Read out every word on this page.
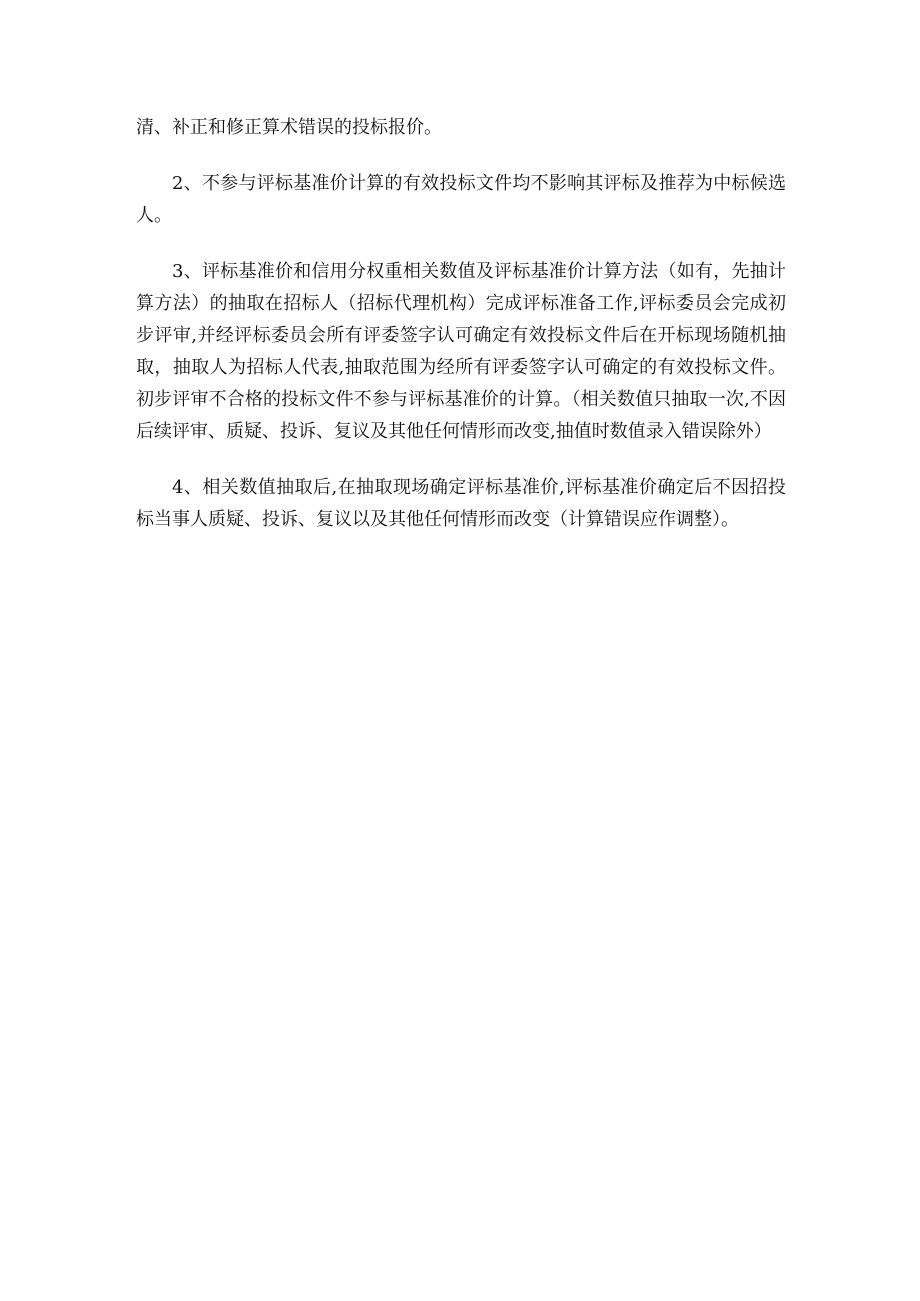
清、补正和修正算术错误的投标报价。

2、不参与评标基准价计算的有效投标文件均不影响其评标及推荐为中标候选人。

3、评标基准价和信用分权重相关数值及评标基准价计算方法（如有，先抽计算方法）的抽取在招标人（招标代理机构）完成评标准备工作,评标委员会完成初步评审,并经评标委员会所有评委签字认可确定有效投标文件后在开标现场随机抽取，抽取人为招标人代表,抽取范围为经所有评委签字认可确定的有效投标文件。初步评审不合格的投标文件不参与评标基准价的计算。（相关数值只抽取一次,不因后续评审、质疑、投诉、复议及其他任何情形而改变,抽值时数值录入错误除外）

4、相关数值抽取后,在抽取现场确定评标基准价,评标基准价确定后不因招投标当事人质疑、投诉、复议以及其他任何情形而改变（计算错误应作调整）。
